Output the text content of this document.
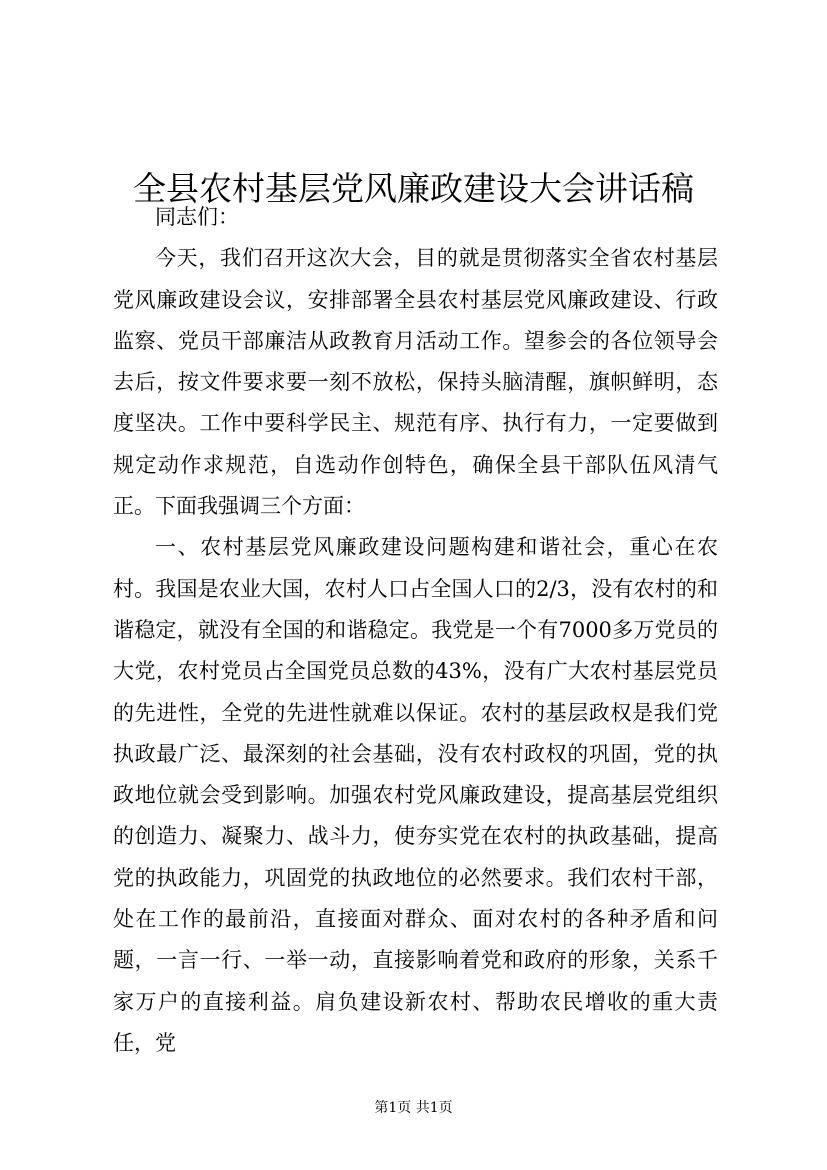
全县农村基层党风廉政建设大会讲话稿

同志们：

今天，我们召开这次大会，目的就是贯彻落实全省农村基层党风廉政建设会议，安排部署全县农村基层党风廉政建设、行政监察、党员干部廉洁从政教育月活动工作。望参会的各位领导会去后，按文件要求要一刻不放松，保持头脑清醒，旗帜鲜明，态度坚决。工作中要科学民主、规范有序、执行有力，一定要做到规定动作求规范，自选动作创特色，确保全县干部队伍风清气正。下面我强调三个方面：

一、农村基层党风廉政建设问题构建和谐社会，重心在农村。我国是农业大国，农村人口占全国人口的2/3，没有农村的和谐稳定，就没有全国的和谐稳定。我党是一个有7000多万党员的大党，农村党员占全国党员总数的43%，没有广大农村基层党员的先进性，全党的先进性就难以保证。农村的基层政权是我们党执政最广泛、最深刻的社会基础，没有农村政权的巩固，党的执政地位就会受到影响。加强农村党风廉政建设，提高基层党组织的创造力、凝聚力、战斗力，使夯实党在农村的执政基础，提高党的执政能力，巩固党的执政地位的必然要求。我们农村干部，处在工作的最前沿，直接面对群众、面对农村的各种矛盾和问题，一言一行、一举一动，直接影响着党和政府的形象，关系千家万户的直接利益。肩负建设新农村、帮助农民增收的重大责任，党

第1页 共1页
